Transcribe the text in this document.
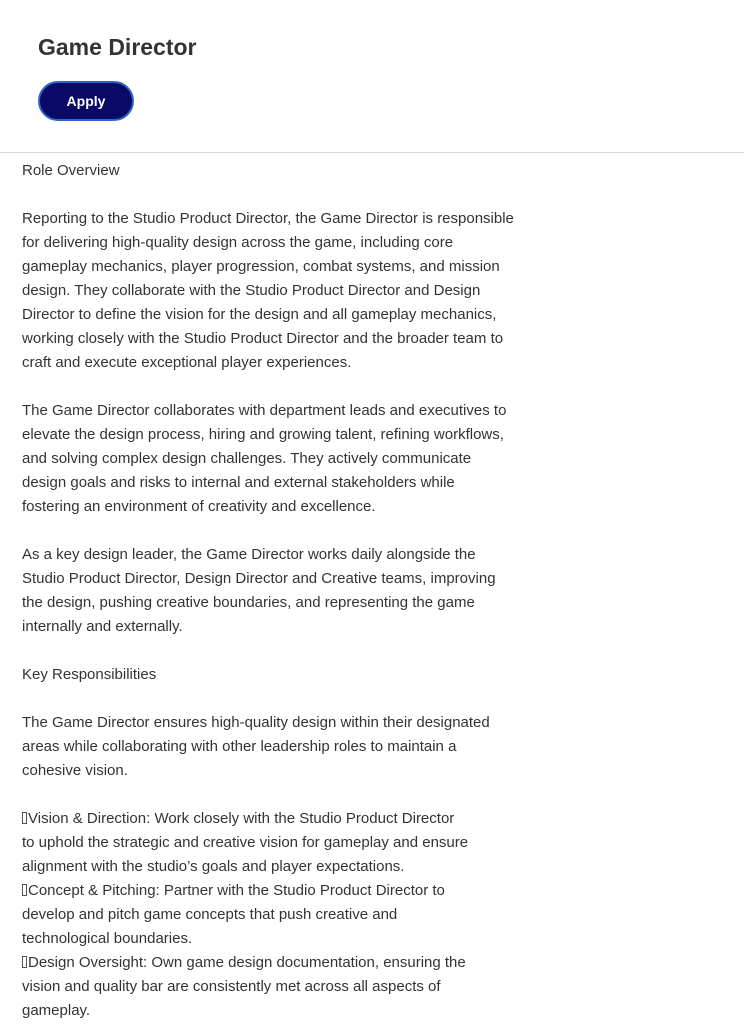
Game Director
Apply

Role Overview

Reporting to the Studio Product Director, the Game Director is responsible
for delivering high-quality design across the game, including core
gameplay mechanics, player progression, combat systems, and mission
design. They collaborate with the Studio Product Director and Design
Director to define the vision for the design and all gameplay mechanics,
working closely with the Studio Product Director and the broader team to
craft and execute exceptional player experiences.

The Game Director collaborates with department leads and executives to
elevate the design process, hiring and growing talent, refining workflows,
and solving complex design challenges. They actively communicate
design goals and risks to internal and external stakeholders while
fostering an environment of creativity and excellence.

As a key design leader, the Game Director works daily alongside the
Studio Product Director, Design Director and Creative teams, improving
the design, pushing creative boundaries, and representing the game
internally and externally.

Key Responsibilities

The Game Director ensures high-quality design within their designated
areas while collaborating with other leadership roles to maintain a
cohesive vision.

Vision & Direction: Work closely with the Studio Product Director
to uphold the strategic and creative vision for gameplay and ensure
alignment with the studio’s goals and player expectations.

Concept & Pitching: Partner with the Studio Product Director to
develop and pitch game concepts that push creative and
technological boundaries.

Design Oversight: Own game design documentation, ensuring the
vision and quality bar are consistently met across all aspects of
gameplay.
